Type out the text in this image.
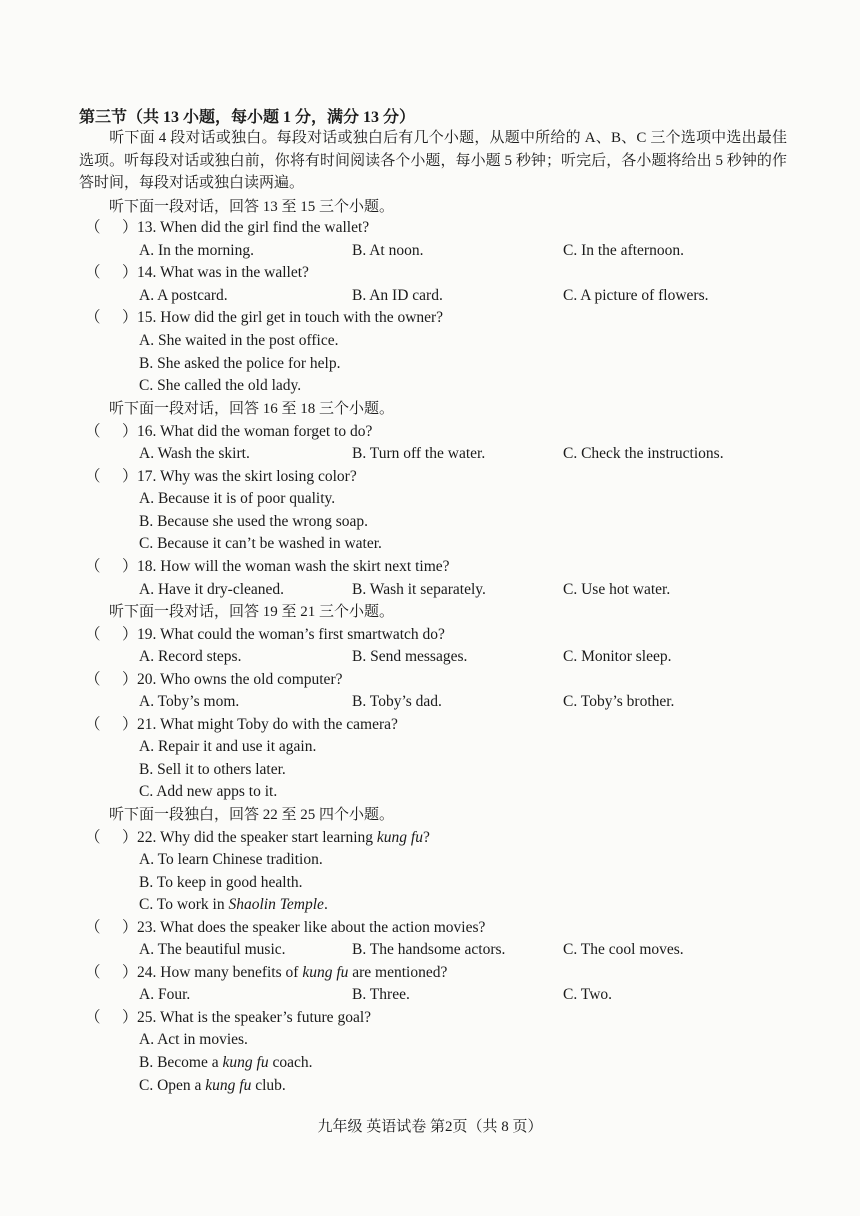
第三节（共 13 小题，每小题 1 分，满分 13 分）
听下面 4 段对话或独白。每段对话或独白后有几个小题，从题中所给的 A、B、C 三个选项中选出最佳选项。听每段对话或独白前，你将有时间阅读各个小题，每小题 5 秒钟；听完后，各小题将给出 5 秒钟的作答时间，每段对话或独白读两遍。
听下面一段对话，回答 13 至 15 三个小题。
（ ） 13. When did the girl find the wallet?
A. In the morning.	B. At noon.	C. In the afternoon.
（ ） 14. What was in the wallet?
A. A postcard.	B. An ID card.	C. A picture of flowers.
（ ） 15. How did the girl get in touch with the owner?
A. She waited in the post office.
B. She asked the police for help.
C. She called the old lady.
听下面一段对话，回答 16 至 18 三个小题。
（ ） 16. What did the woman forget to do?
A. Wash the skirt.	B. Turn off the water.	C. Check the instructions.
（ ） 17. Why was the skirt losing color?
A. Because it is of poor quality.
B. Because she used the wrong soap.
C. Because it can’t be washed in water.
（ ） 18. How will the woman wash the skirt next time?
A. Have it dry-cleaned.	B. Wash it separately.	C. Use hot water.
听下面一段对话，回答 19 至 21 三个小题。
（ ） 19. What could the woman’s first smartwatch do?
A. Record steps.	B. Send messages.	C. Monitor sleep.
（ ） 20. Who owns the old computer?
A. Toby’s mom.	B. Toby’s dad.	C. Toby’s brother.
（ ） 21. What might Toby do with the camera?
A. Repair it and use it again.
B. Sell it to others later.
C. Add new apps to it.
听下面一段独白，回答 22 至 25 四个小题。
（ ） 22. Why did the speaker start learning kung fu?
A. To learn Chinese tradition.
B. To keep in good health.
C. To work in Shaolin Temple.
（ ） 23. What does the speaker like about the action movies?
A. The beautiful music.	B. The handsome actors.	C. The cool moves.
（ ） 24. How many benefits of kung fu are mentioned?
A. Four.	B. Three.	C. Two.
（ ） 25. What is the speaker’s future goal?
A. Act in movies.
B. Become a kung fu coach.
C. Open a kung fu club.
九年级 英语试卷 第2页（共 8 页）
